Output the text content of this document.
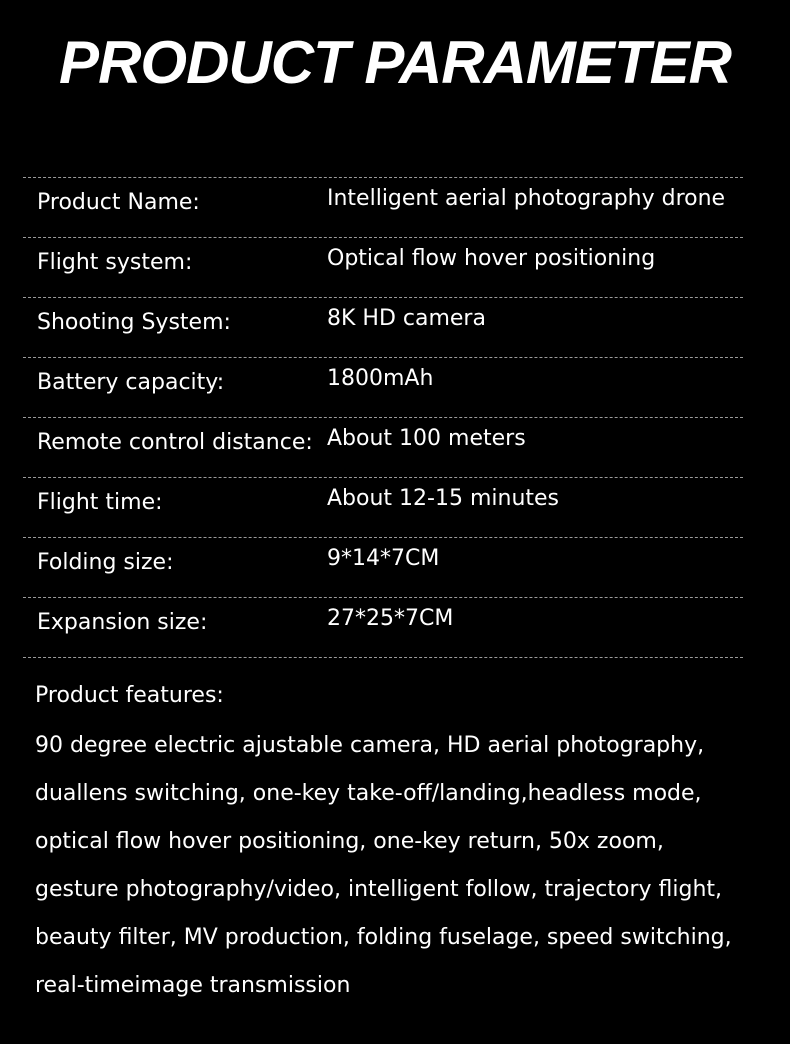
PRODUCT PARAMETER
Product Name:	Intelligent aerial photography drone
Flight system:	Optical flow hover positioning
Shooting System:	8K HD camera
Battery capacity:	1800mAh
Remote control distance: About 100 meters
Flight time:	About 12-15 minutes
Folding size:	9*14*7CM
Expansion size:	27*25*7CM
Product features:
90 degree electric ajustable camera, HD aerial photography,
duallens switching, one-key take-off/landing,headless mode,
optical flow hover positioning, one-key return, 50x zoom,
gesture photography/video, intelligent follow, trajectory flight,
beauty filter, MV production, folding fuselage, speed switching,
real-timeimage transmission
